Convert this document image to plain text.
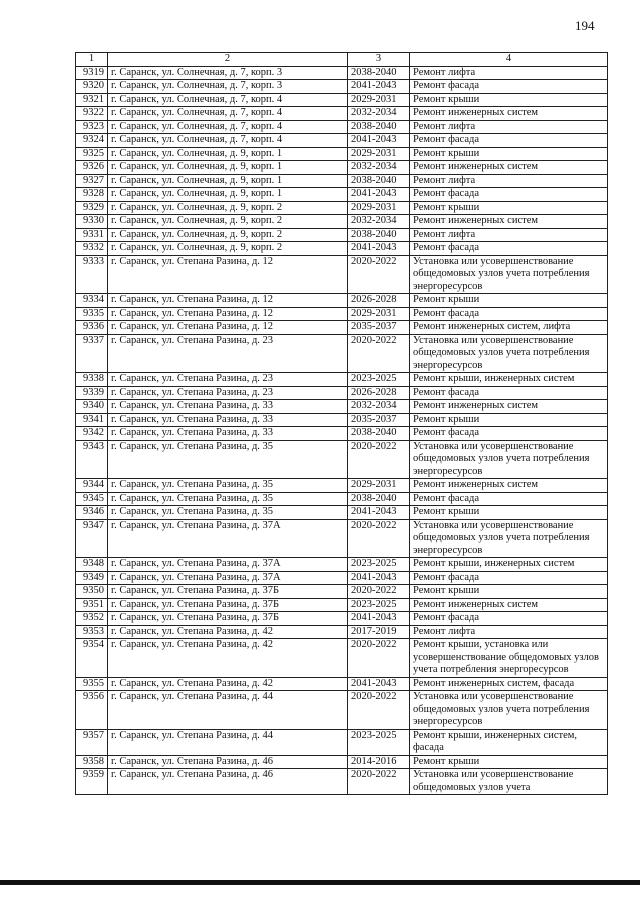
194
1	2	3	4
9319	г. Саранск, ул. Солнечная, д. 7, корп. 3	2038-2040	Ремонт лифта
9320	г. Саранск, ул. Солнечная, д. 7, корп. 3	2041-2043	Ремонт фасада
9321	г. Саранск, ул. Солнечная, д. 7, корп. 4	2029-2031	Ремонт крыши
9322	г. Саранск, ул. Солнечная, д. 7, корп. 4	2032-2034	Ремонт инженерных систем
9323	г. Саранск, ул. Солнечная, д. 7, корп. 4	2038-2040	Ремонт лифта
9324	г. Саранск, ул. Солнечная, д. 7, корп. 4	2041-2043	Ремонт фасада
9325	г. Саранск, ул. Солнечная, д. 9, корп. 1	2029-2031	Ремонт крыши
9326	г. Саранск, ул. Солнечная, д. 9, корп. 1	2032-2034	Ремонт инженерных систем
9327	г. Саранск, ул. Солнечная, д. 9, корп. 1	2038-2040	Ремонт лифта
9328	г. Саранск, ул. Солнечная, д. 9, корп. 1	2041-2043	Ремонт фасада
9329	г. Саранск, ул. Солнечная, д. 9, корп. 2	2029-2031	Ремонт крыши
9330	г. Саранск, ул. Солнечная, д. 9, корп. 2	2032-2034	Ремонт инженерных систем
9331	г. Саранск, ул. Солнечная, д. 9, корп. 2	2038-2040	Ремонт лифта
9332	г. Саранск, ул. Солнечная, д. 9, корп. 2	2041-2043	Ремонт фасада
9333	г. Саранск, ул. Степана Разина, д. 12	2020-2022	Установка или усовершенствование общедомовых узлов учета потребления энергоресурсов
9334	г. Саранск, ул. Степана Разина, д. 12	2026-2028	Ремонт крыши
9335	г. Саранск, ул. Степана Разина, д. 12	2029-2031	Ремонт фасада
9336	г. Саранск, ул. Степана Разина, д. 12	2035-2037	Ремонт инженерных систем, лифта
9337	г. Саранск, ул. Степана Разина, д. 23	2020-2022	Установка или усовершенствование общедомовых узлов учета потребления энергоресурсов
9338	г. Саранск, ул. Степана Разина, д. 23	2023-2025	Ремонт крыши, инженерных систем
9339	г. Саранск, ул. Степана Разина, д. 23	2026-2028	Ремонт фасада
9340	г. Саранск, ул. Степана Разина, д. 33	2032-2034	Ремонт инженерных систем
9341	г. Саранск, ул. Степана Разина, д. 33	2035-2037	Ремонт крыши
9342	г. Саранск, ул. Степана Разина, д. 33	2038-2040	Ремонт фасада
9343	г. Саранск, ул. Степана Разина, д. 35	2020-2022	Установка или усовершенствование общедомовых узлов учета потребления энергоресурсов
9344	г. Саранск, ул. Степана Разина, д. 35	2029-2031	Ремонт инженерных систем
9345	г. Саранск, ул. Степана Разина, д. 35	2038-2040	Ремонт фасада
9346	г. Саранск, ул. Степана Разина, д. 35	2041-2043	Ремонт крыши
9347	г. Саранск, ул. Степана Разина, д. 37А	2020-2022	Установка или усовершенствование общедомовых узлов учета потребления энергоресурсов
9348	г. Саранск, ул. Степана Разина, д. 37А	2023-2025	Ремонт крыши, инженерных систем
9349	г. Саранск, ул. Степана Разина, д. 37А	2041-2043	Ремонт фасада
9350	г. Саранск, ул. Степана Разина, д. 37Б	2020-2022	Ремонт крыши
9351	г. Саранск, ул. Степана Разина, д. 37Б	2023-2025	Ремонт инженерных систем
9352	г. Саранск, ул. Степана Разина, д. 37Б	2041-2043	Ремонт фасада
9353	г. Саранск, ул. Степана Разина, д. 42	2017-2019	Ремонт лифта
9354	г. Саранск, ул. Степана Разина, д. 42	2020-2022	Ремонт крыши, установка или усовершенствование общедомовых узлов учета потребления энергоресурсов
9355	г. Саранск, ул. Степана Разина, д. 42	2041-2043	Ремонт инженерных систем, фасада
9356	г. Саранск, ул. Степана Разина, д. 44	2020-2022	Установка или усовершенствование общедомовых узлов учета потребления энергоресурсов
9357	г. Саранск, ул. Степана Разина, д. 44	2023-2025	Ремонт крыши, инженерных систем, фасада
9358	г. Саранск, ул. Степана Разина, д. 46	2014-2016	Ремонт крыши
9359	г. Саранск, ул. Степана Разина, д. 46	2020-2022	Установка или усовершенствование общедомовых узлов учета
